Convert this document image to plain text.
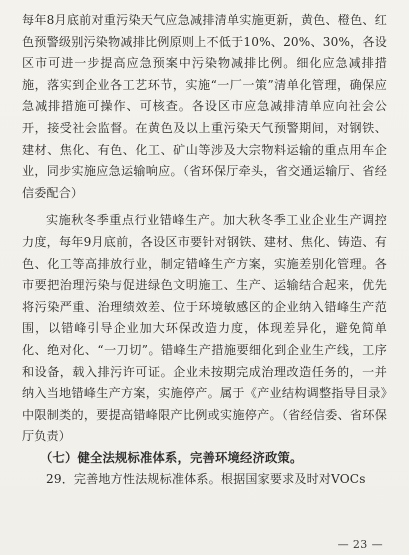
每年8月底前对重污染天气应急减排清单实施更新，黄色、橙色、红色预警级别污染物减排比例原则上不低于10%、20%、30%，各设区市可进一步提高应急预案中污染物减排比例。细化应急减排措施，落实到企业各工艺环节，实施“一厂一策”清单化管理，确保应急减排措施可操作、可核查。各设区市应急减排清单应向社会公开，接受社会监督。在黄色及以上重污染天气预警期间，对钢铁、建材、焦化、有色、化工、矿山等涉及大宗物料运输的重点用车企业，同步实施应急运输响应。（省环保厅牵头，省交通运输厅、省经信委配合）

实施秋冬季重点行业错峰生产。加大秋冬季工业企业生产调控力度，每年9月底前，各设区市要针对钢铁、建材、焦化、铸造、有色、化工等高排放行业，制定错峰生产方案，实施差别化管理。各市要把治理污染与促进绿色文明施工、生产、运输结合起来，优先将污染严重、治理绩效差、位于环境敏感区的企业纳入错峰生产范围，以错峰引导企业加大环保改造力度，体现差异化，避免简单化、绝对化、“一刀切”。错峰生产措施要细化到企业生产线，工序和设备，载入排污许可证。企业未按期完成治理改造任务的，一并纳入当地错峰生产方案，实施停产。属于《产业结构调整指导目录》中限制类的，要提高错峰限产比例或实施停产。（省经信委、省环保厅负责）

（七）健全法规标准体系，完善环境经济政策。

29．完善地方性法规标准体系。根据国家要求及时对VOCs

— 23 —
